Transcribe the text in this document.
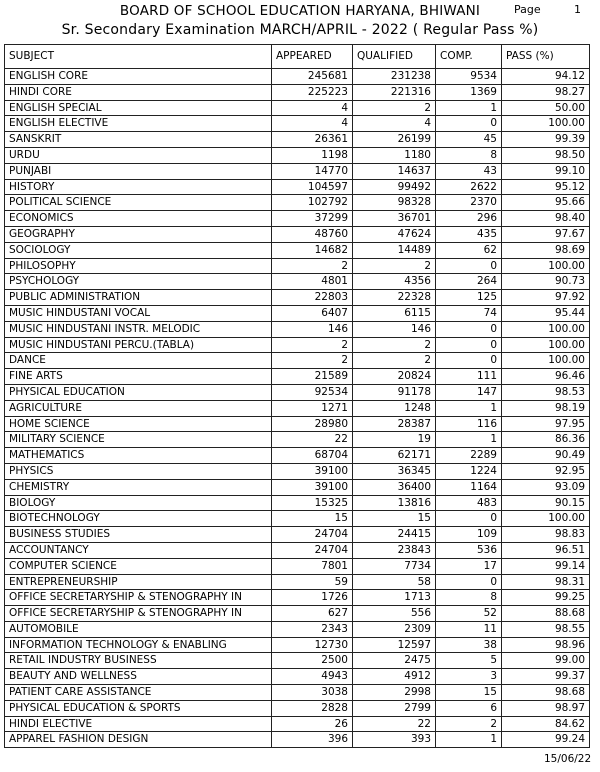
BOARD OF SCHOOL EDUCATION HARYANA, BHIWANI	Page	1
Sr. Secondary Examination MARCH/APRIL - 2022 ( Regular Pass %)
SUBJECT	APPEARED	QUALIFIED	COMP.	PASS (%)
ENGLISH CORE	245681	231238	9534	94.12
HINDI CORE	225223	221316	1369	98.27
ENGLISH SPECIAL	4	2	1	50.00
ENGLISH ELECTIVE	4	4	0	100.00
SANSKRIT	26361	26199	45	99.39
URDU	1198	1180	8	98.50
PUNJABI	14770	14637	43	99.10
HISTORY	104597	99492	2622	95.12
POLITICAL SCIENCE	102792	98328	2370	95.66
ECONOMICS	37299	36701	296	98.40
GEOGRAPHY	48760	47624	435	97.67
SOCIOLOGY	14682	14489	62	98.69
PHILOSOPHY	2	2	0	100.00
PSYCHOLOGY	4801	4356	264	90.73
PUBLIC ADMINISTRATION	22803	22328	125	97.92
MUSIC HINDUSTANI VOCAL	6407	6115	74	95.44
MUSIC HINDUSTANI INSTR. MELODIC	146	146	0	100.00
MUSIC HINDUSTANI PERCU.(TABLA)	2	2	0	100.00
DANCE	2	2	0	100.00
FINE ARTS	21589	20824	111	96.46
PHYSICAL EDUCATION	92534	91178	147	98.53
AGRICULTURE	1271	1248	1	98.19
HOME SCIENCE	28980	28387	116	97.95
MILITARY SCIENCE	22	19	1	86.36
MATHEMATICS	68704	62171	2289	90.49
PHYSICS	39100	36345	1224	92.95
CHEMISTRY	39100	36400	1164	93.09
BIOLOGY	15325	13816	483	90.15
BIOTECHNOLOGY	15	15	0	100.00
BUSINESS STUDIES	24704	24415	109	98.83
ACCOUNTANCY	24704	23843	536	96.51
COMPUTER SCIENCE	7801	7734	17	99.14
ENTREPRENEURSHIP	59	58	0	98.31
OFFICE SECRETARYSHIP & STENOGRAPHY IN	1726	1713	8	99.25
OFFICE SECRETARYSHIP & STENOGRAPHY IN	627	556	52	88.68
AUTOMOBILE	2343	2309	11	98.55
INFORMATION TECHNOLOGY & ENABLING	12730	12597	38	98.96
RETAIL INDUSTRY BUSINESS	2500	2475	5	99.00
BEAUTY AND WELLNESS	4943	4912	3	99.37
PATIENT CARE ASSISTANCE	3038	2998	15	98.68
PHYSICAL EDUCATION & SPORTS	2828	2799	6	98.97
HINDI ELECTIVE	26	22	2	84.62
APPAREL FASHION DESIGN	396	393	1	99.24
15/06/22
